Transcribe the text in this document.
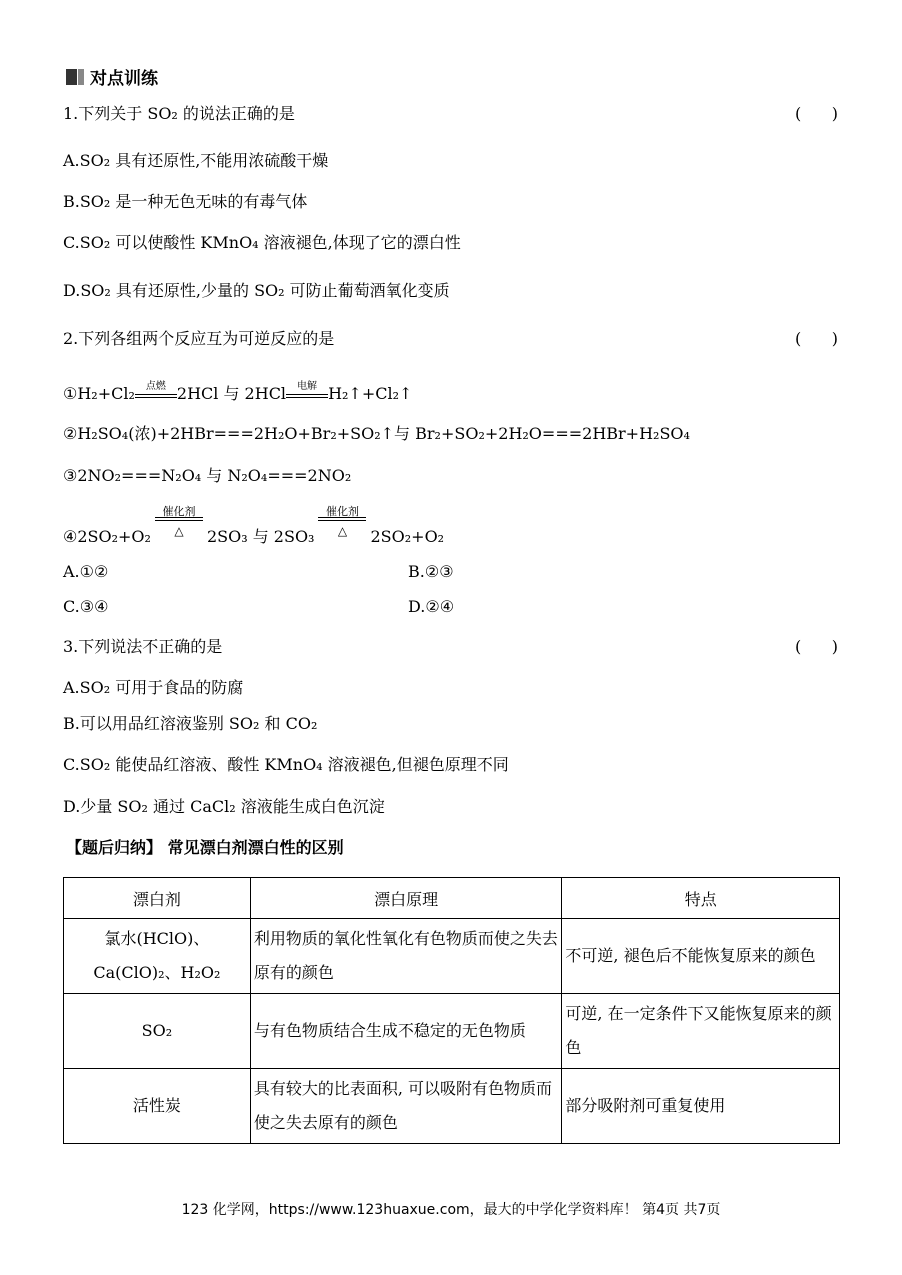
对点训练
1.下列关于 SO₂ 的说法正确的是	(      )
A.SO₂ 具有还原性,不能用浓硫酸干燥
B.SO₂ 是一种无色无味的有毒气体
C.SO₂ 可以使酸性 KMnO₄ 溶液褪色,体现了它的漂白性
D.SO₂ 具有还原性,少量的 SO₂ 可防止葡萄酒氧化变质
2.下列各组两个反应互为可逆反应的是	(      )
①H₂+Cl₂	点燃 2HCl 与 2HCl	电解 H₂↑+Cl₂↑
②H₂SO₄(浓)+2HBr===2H₂O+Br₂+SO₂↑与 Br₂+SO₂+2H₂O===2HBr+H₂SO₄
③2NO₂===N₂O₄ 与 N₂O₄===2NO₂
④2SO₂+O₂
催化剂
△	2SO₃ 与 2SO₃
催化剂
△	2SO₂+O₂
A.①②	B.②③
C.③④	D.②④
3.下列说法不正确的是	(      )
A.SO₂ 可用于食品的防腐
B.可以用品红溶液鉴别 SO₂ 和 CO₂
C.SO₂ 能使品红溶液、酸性 KMnO₄ 溶液褪色,但褪色原理不同
D.少量 SO₂ 通过 CaCl₂ 溶液能生成白色沉淀
【题后归纳】 常见漂白剂漂白性的区别
漂白剂	漂白原理	特点
氯水(HClO)、
Ca(ClO)₂、H₂O₂	利用物质的氧化性氧化有色物质而使之失去原有的颜色	不可逆, 褪色后不能恢复原来的颜色
SO₂	与有色物质结合生成不稳定的无色物质	可逆, 在一定条件下又能恢复原来的颜色
活性炭	具有较大的比表面积, 可以吸附有色物质而使之失去原有的颜色	部分吸附剂可重复使用
123 化学网，https://www.123huaxue.com，最大的中学化学资料库！ 第4页 共7页
